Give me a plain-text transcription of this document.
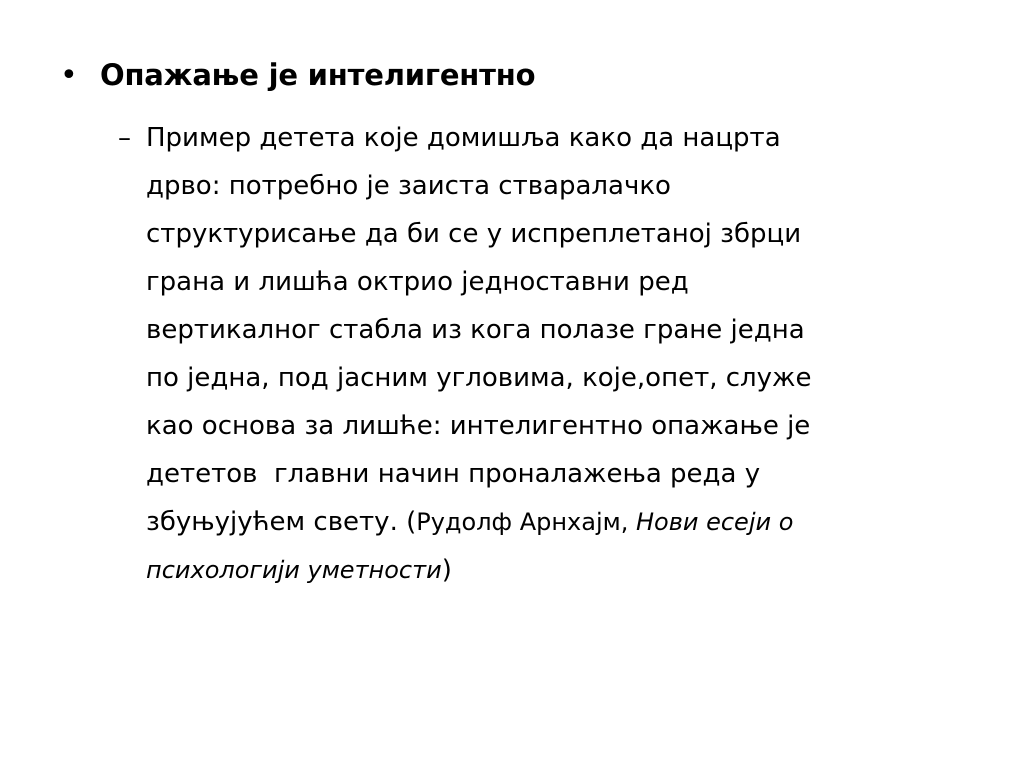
• Опажање је интелигентно
– Пример детета које домишља како да нацрта
дрво: потребно је заиста стваралачко
структурисање да би се у испреплетаној збрци
грана и лишћа октрио једноставни ред
вертикалног стабла из кога полазе гране једна
по једна, под јасним угловима, које,опет, служе
као основа за лишће: интелигентно опажање је
дететов  главни начин проналажења реда у
збуњујућем свету. (Рудолф Арнхајм, Нови есеји о
психологији уметности)
